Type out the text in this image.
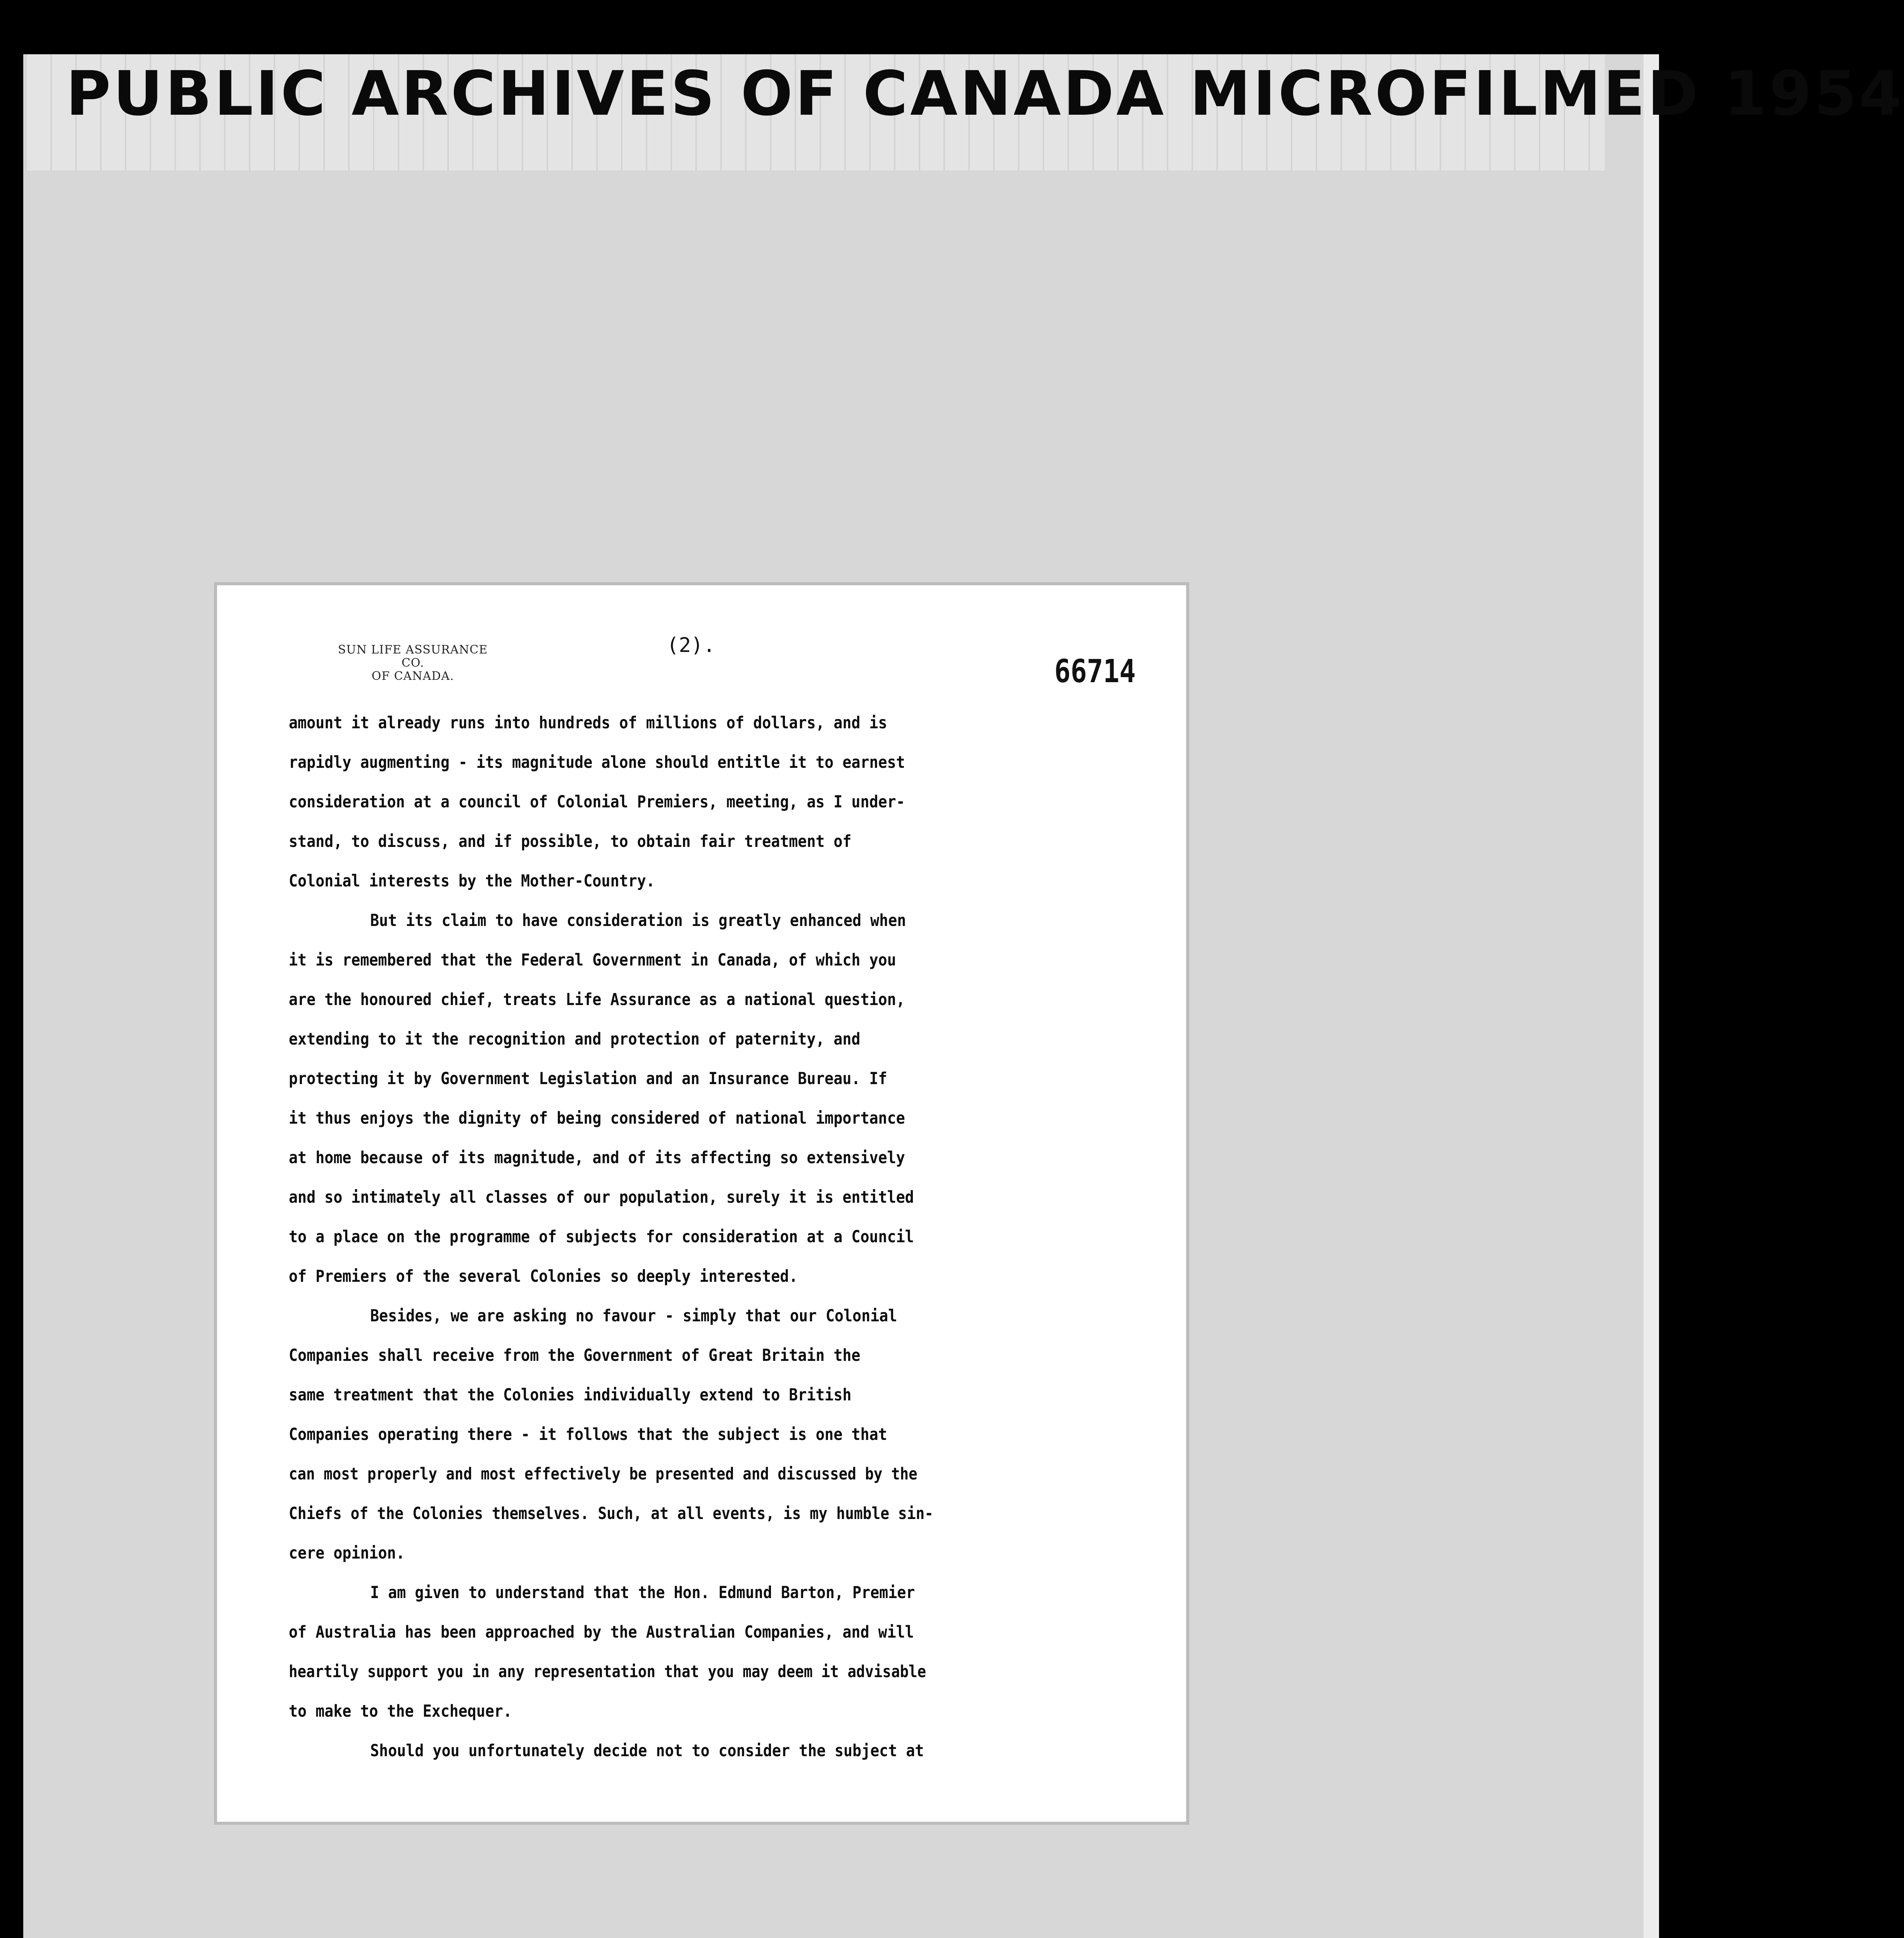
PUBLIC ARCHIVES OF CANADA MICROFILMED 1954
SUN LIFE ASSURANCE CO.
OF CANADA.
(2).
66714
amount it already runs into hundreds of millions of dollars, and is
rapidly augmenting - its magnitude alone should entitle it to earnest
consideration at a council of Colonial Premiers, meeting, as I under-
stand, to discuss, and if possible, to obtain fair treatment of
Colonial interests by the Mother-Country.
But its claim to have consideration is greatly enhanced when
it is remembered that the Federal Government in Canada, of which you
are the honoured chief, treats Life Assurance as a national question,
extending to it the recognition and protection of paternity, and
protecting it by Government Legislation and an Insurance Bureau. If
it thus enjoys the dignity of being considered of national importance
at home because of its magnitude, and of its affecting so extensively
and so intimately all classes of our population, surely it is entitled
to a place on the programme of subjects for consideration at a Council
of Premiers of the several Colonies so deeply interested.
Besides, we are asking no favour - simply that our Colonial
Companies shall receive from the Government of Great Britain the
same treatment that the Colonies individually extend to British
Companies operating there - it follows that the subject is one that
can most properly and most effectively be presented and discussed by the
Chiefs of the Colonies themselves. Such, at all events, is my humble sin-
cere opinion.
I am given to understand that the Hon. Edmund Barton, Premier
of Australia has been approached by the Australian Companies, and will
heartily support you in any representation that you may deem it advisable
to make to the Exchequer.
Should you unfortunately decide not to consider the subject at
